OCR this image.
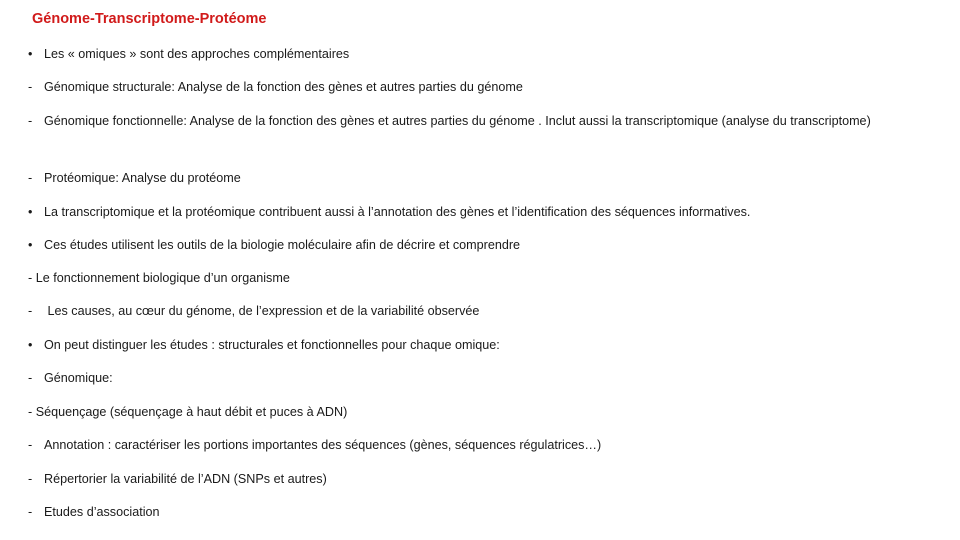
Génome-Transcriptome-Protéome
• Les « omiques » sont des approches complémentaires
- Génomique structurale: Analyse de la fonction des gènes et autres parties du génome
- Génomique fonctionnelle: Analyse de la fonction des gènes et autres parties du génome . Inclut aussi la transcriptomique (analyse du transcriptome)
- Protéomique: Analyse du protéome
• La transcriptomique et la protéomique contribuent aussi à l’annotation des gènes et l’identification des séquences informatives.
• Ces études utilisent les outils de la biologie moléculaire afin de décrire et comprendre
- Le fonctionnement biologique d’un organisme
- Les causes, au cœur du génome, de l’expression et de la variabilité observée
• On peut distinguer les études : structurales et fonctionnelles pour chaque omique:
- Génomique:
- Séquençage (séquençage à haut débit et puces à ADN)
- Annotation : caractériser les portions importantes des séquences (gènes, séquences régulatrices…)
- Répertorier la variabilité de l’ADN (SNPs et autres)
- Etudes d’association
